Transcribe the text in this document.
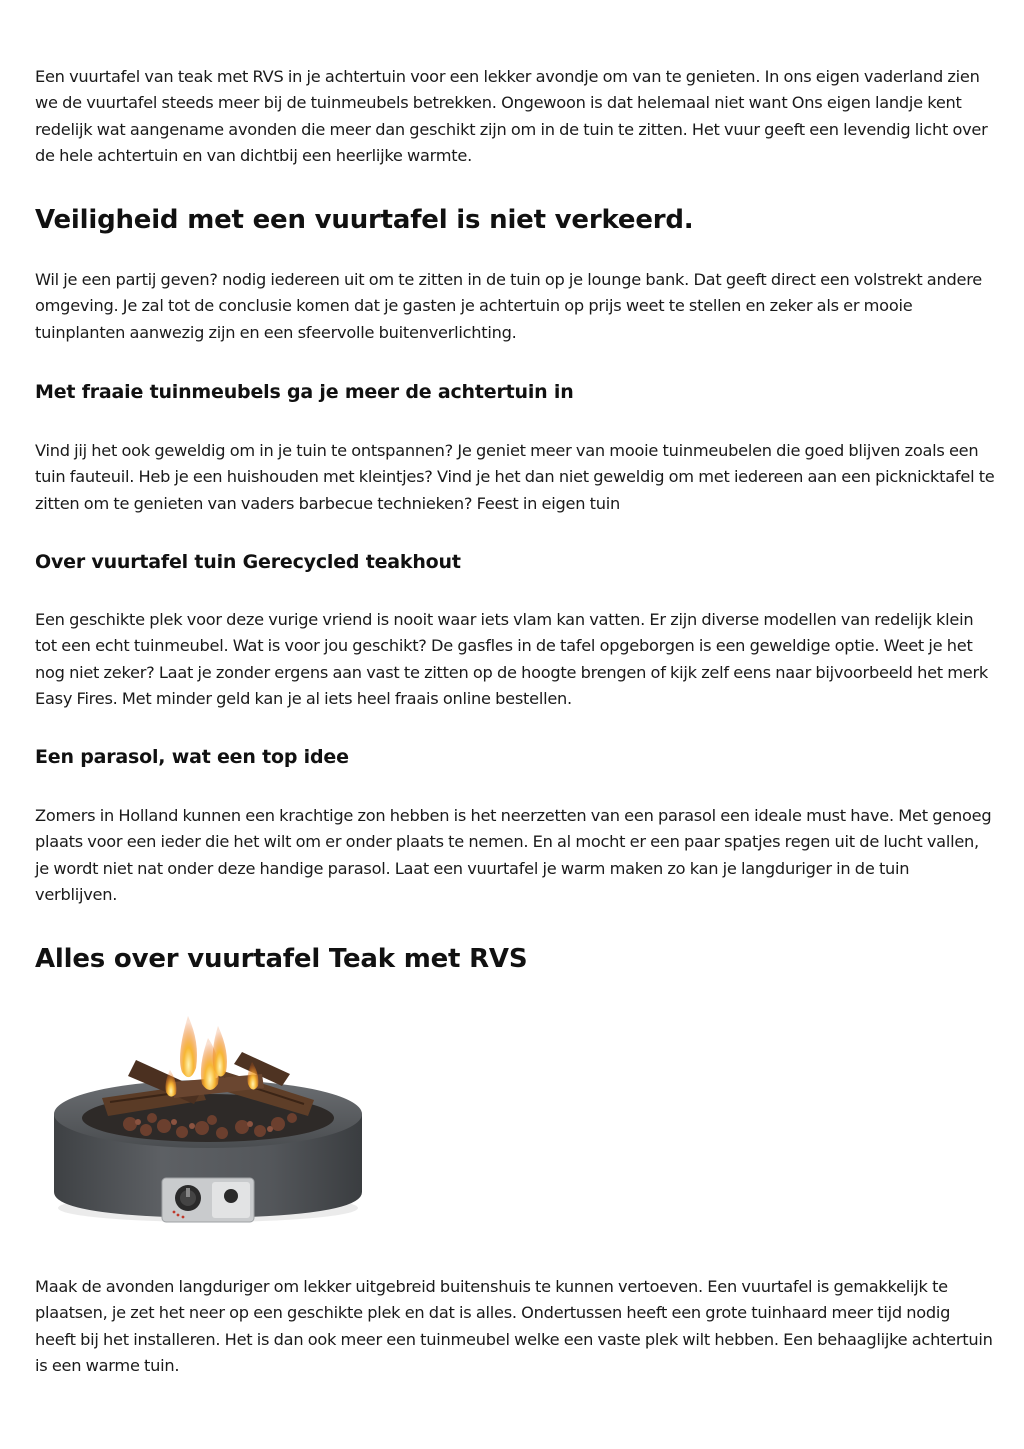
Een vuurtafel van teak met RVS in je achtertuin voor een lekker avondje om van te genieten. In ons eigen vaderland zien we de vuurtafel steeds meer bij de tuinmeubels betrekken. Ongewoon is dat helemaal niet want Ons eigen landje kent redelijk wat aangename avonden die meer dan geschikt zijn om in de tuin te zitten. Het vuur geeft een levendig licht over de hele achtertuin en van dichtbij een heerlijke warmte.

Veiligheid met een vuurtafel is niet verkeerd.

Wil je een partij geven? nodig iedereen uit om te zitten in de tuin op je lounge bank. Dat geeft direct een volstrekt andere omgeving. Je zal tot de conclusie komen dat je gasten je achtertuin op prijs weet te stellen en zeker als er mooie tuinplanten aanwezig zijn en een sfeervolle buitenverlichting.

Met fraaie tuinmeubels ga je meer de achtertuin in

Vind jij het ook geweldig om in je tuin te ontspannen? Je geniet meer van mooie tuinmeubelen die goed blijven zoals een tuin fauteuil. Heb je een huishouden met kleintjes? Vind je het dan niet geweldig om met iedereen aan een picknicktafel te zitten om te genieten van vaders barbecue technieken? Feest in eigen tuin

Over vuurtafel tuin Gerecycled teakhout

Een geschikte plek voor deze vurige vriend is nooit waar iets vlam kan vatten. Er zijn diverse modellen van redelijk klein tot een echt tuinmeubel. Wat is voor jou geschikt? De gasfles in de tafel opgeborgen is een geweldige optie. Weet je het nog niet zeker? Laat je zonder ergens aan vast te zitten op de hoogte brengen of kijk zelf eens naar bijvoorbeeld het merk Easy Fires. Met minder geld kan je al iets heel fraais online bestellen.

Een parasol, wat een top idee

Zomers in Holland kunnen een krachtige zon hebben is het neerzetten van een parasol een ideale must have. Met genoeg plaats voor een ieder die het wilt om er onder plaats te nemen. En al mocht er een paar spatjes regen uit de lucht vallen, je wordt niet nat onder deze handige parasol. Laat een vuurtafel je warm maken zo kan je langduriger in de tuin verblijven.

Alles over vuurtafel Teak met RVS

Maak de avonden langduriger om lekker uitgebreid buitenshuis te kunnen vertoeven. Een vuurtafel is gemakkelijk te plaatsen, je zet het neer op een geschikte plek en dat is alles. Ondertussen heeft een grote tuinhaard meer tijd nodig heeft bij het installeren. Het is dan ook meer een tuinmeubel welke een vaste plek wilt hebben. Een behaaglijke achtertuin is een warme tuin.
